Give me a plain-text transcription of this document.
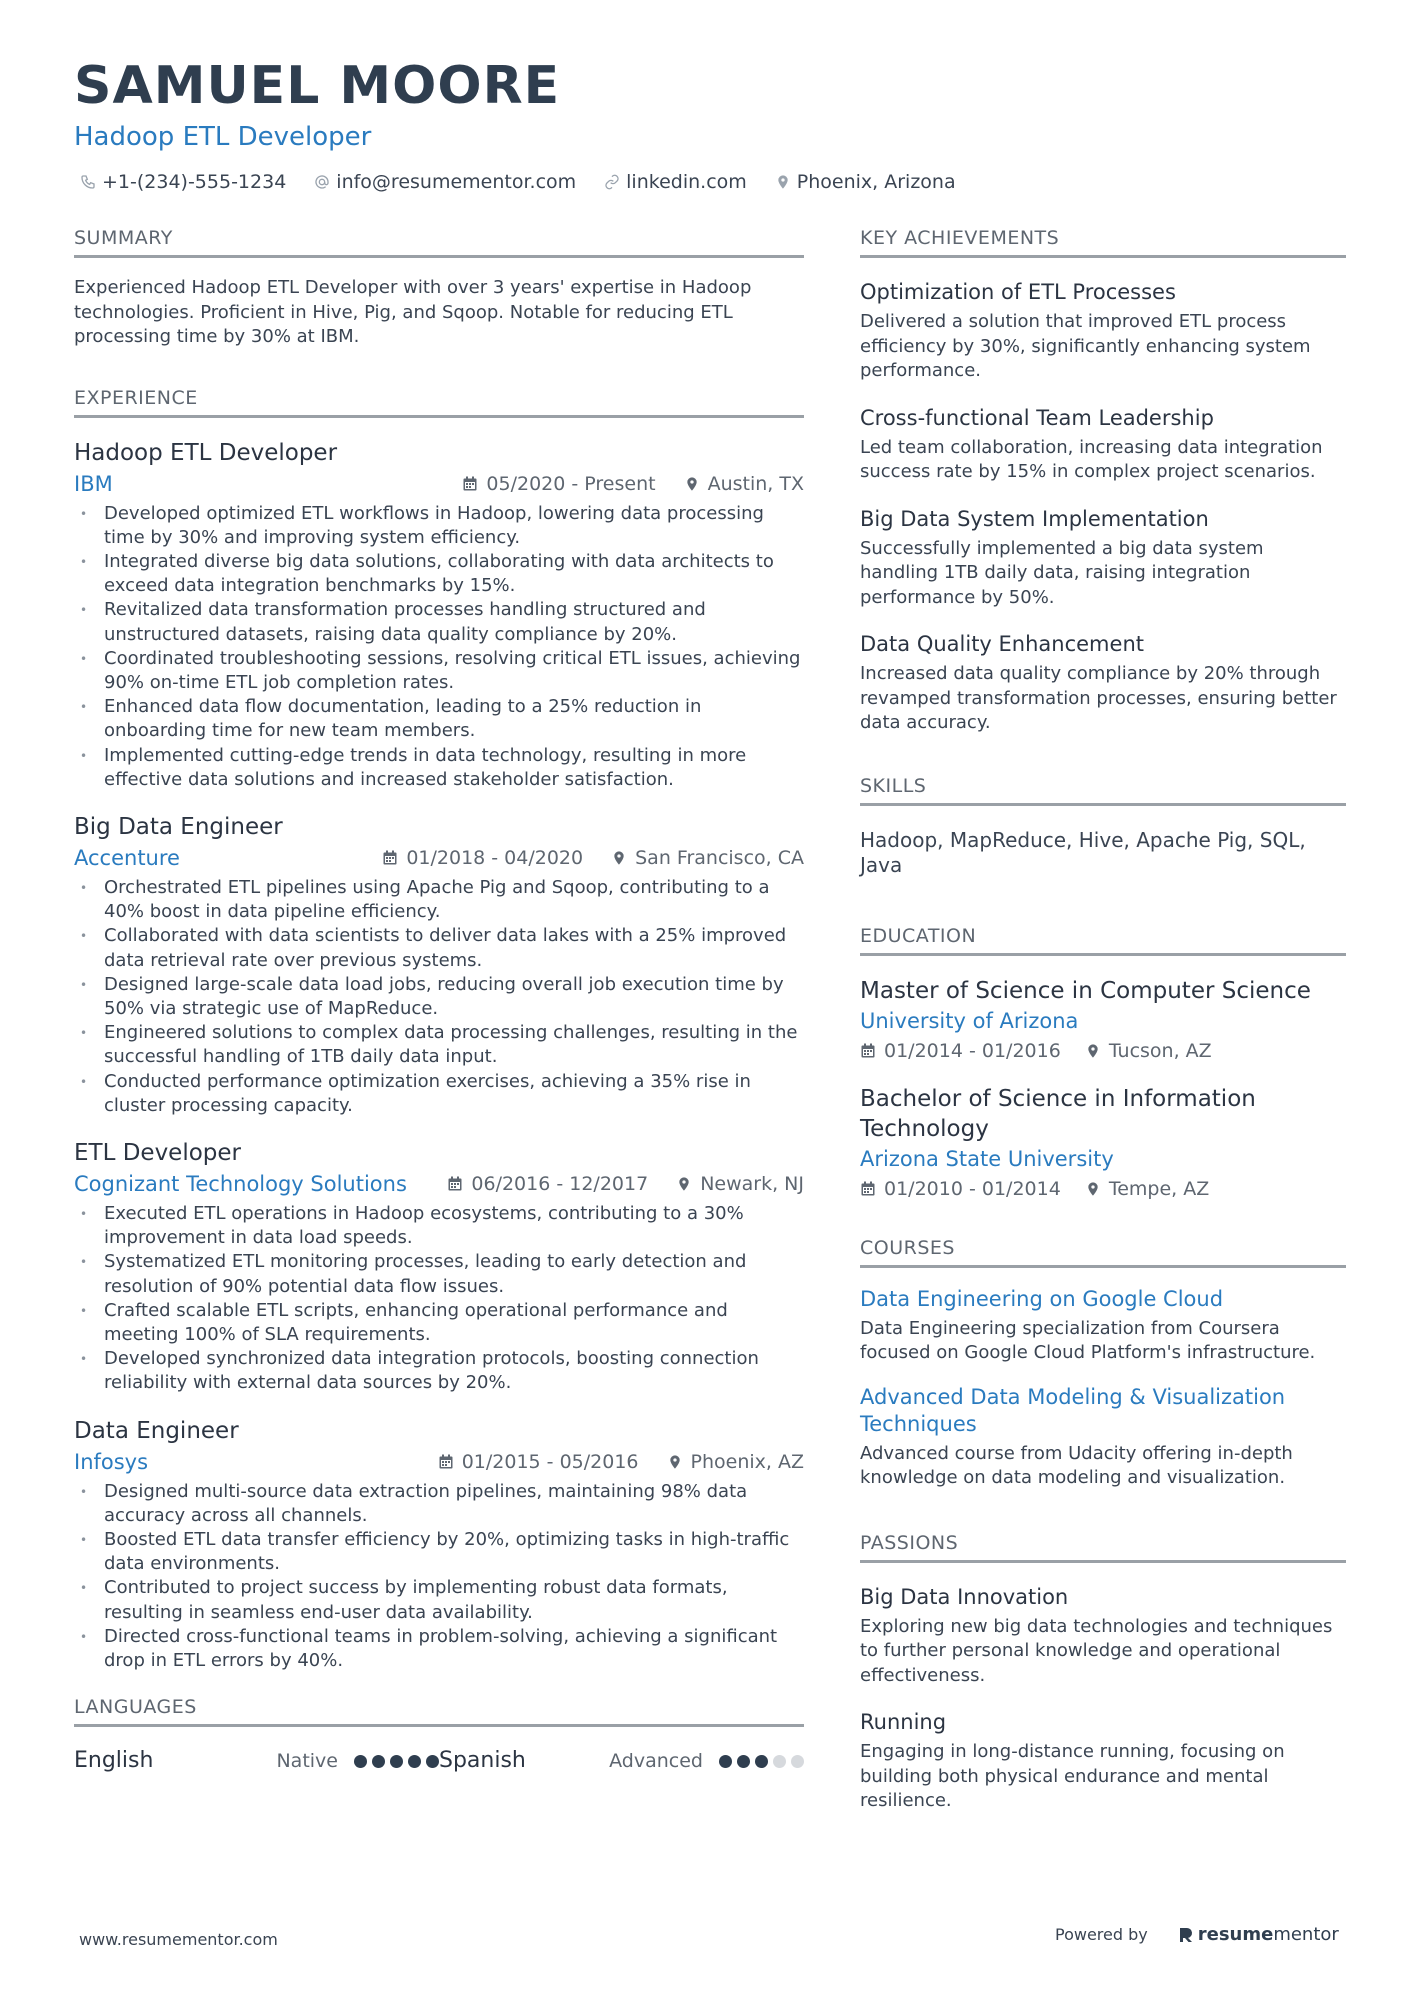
SAMUEL MOORE
Hadoop ETL Developer
+1-(234)-555-1234	info@resumementor.com	linkedin.com	Phoenix, Arizona
SUMMARY
Experienced Hadoop ETL Developer with over 3 years' expertise in Hadoop technologies. Proficient in Hive, Pig, and Sqoop. Notable for reducing ETL processing time by 30% at IBM.
EXPERIENCE
Hadoop ETL Developer
IBM	05/2020 - Present	Austin, TX
• Developed optimized ETL workflows in Hadoop, lowering data processing time by 30% and improving system efficiency.
• Integrated diverse big data solutions, collaborating with data architects to exceed data integration benchmarks by 15%.
• Revitalized data transformation processes handling structured and unstructured datasets, raising data quality compliance by 20%.
• Coordinated troubleshooting sessions, resolving critical ETL issues, achieving 90% on-time ETL job completion rates.
• Enhanced data flow documentation, leading to a 25% reduction in onboarding time for new team members.
• Implemented cutting-edge trends in data technology, resulting in more effective data solutions and increased stakeholder satisfaction.
Big Data Engineer
Accenture	01/2018 - 04/2020	San Francisco, CA
• Orchestrated ETL pipelines using Apache Pig and Sqoop, contributing to a 40% boost in data pipeline efficiency.
• Collaborated with data scientists to deliver data lakes with a 25% improved data retrieval rate over previous systems.
• Designed large-scale data load jobs, reducing overall job execution time by 50% via strategic use of MapReduce.
• Engineered solutions to complex data processing challenges, resulting in the successful handling of 1TB daily data input.
• Conducted performance optimization exercises, achieving a 35% rise in cluster processing capacity.
ETL Developer
Cognizant Technology Solutions	06/2016 - 12/2017	Newark, NJ
• Executed ETL operations in Hadoop ecosystems, contributing to a 30% improvement in data load speeds.
• Systematized ETL monitoring processes, leading to early detection and resolution of 90% potential data flow issues.
• Crafted scalable ETL scripts, enhancing operational performance and meeting 100% of SLA requirements.
• Developed synchronized data integration protocols, boosting connection reliability with external data sources by 20%.
Data Engineer
Infosys	01/2015 - 05/2016	Phoenix, AZ
• Designed multi-source data extraction pipelines, maintaining 98% data accuracy across all channels.
• Boosted ETL data transfer efficiency by 20%, optimizing tasks in high-traffic data environments.
• Contributed to project success by implementing robust data formats, resulting in seamless end-user data availability.
• Directed cross-functional teams in problem-solving, achieving a significant drop in ETL errors by 40%.
LANGUAGES
English	Native	Spanish	Advanced
KEY ACHIEVEMENTS
Optimization of ETL Processes
Delivered a solution that improved ETL process efficiency by 30%, significantly enhancing system performance.
Cross-functional Team Leadership
Led team collaboration, increasing data integration success rate by 15% in complex project scenarios.
Big Data System Implementation
Successfully implemented a big data system handling 1TB daily data, raising integration performance by 50%.
Data Quality Enhancement
Increased data quality compliance by 20% through revamped transformation processes, ensuring better data accuracy.
SKILLS
Hadoop, MapReduce, Hive, Apache Pig, SQL, Java
EDUCATION
Master of Science in Computer Science
University of Arizona
01/2014 - 01/2016	Tucson, AZ
Bachelor of Science in Information Technology
Arizona State University
01/2010 - 01/2014	Tempe, AZ
COURSES
Data Engineering on Google Cloud
Data Engineering specialization from Coursera focused on Google Cloud Platform's infrastructure.
Advanced Data Modeling & Visualization Techniques
Advanced course from Udacity offering in-depth knowledge on data modeling and visualization.
PASSIONS
Big Data Innovation
Exploring new big data technologies and techniques to further personal knowledge and operational effectiveness.
Running
Engaging in long-distance running, focusing on building both physical endurance and mental resilience.
www.resumementor.com	Powered by	resume mentor
